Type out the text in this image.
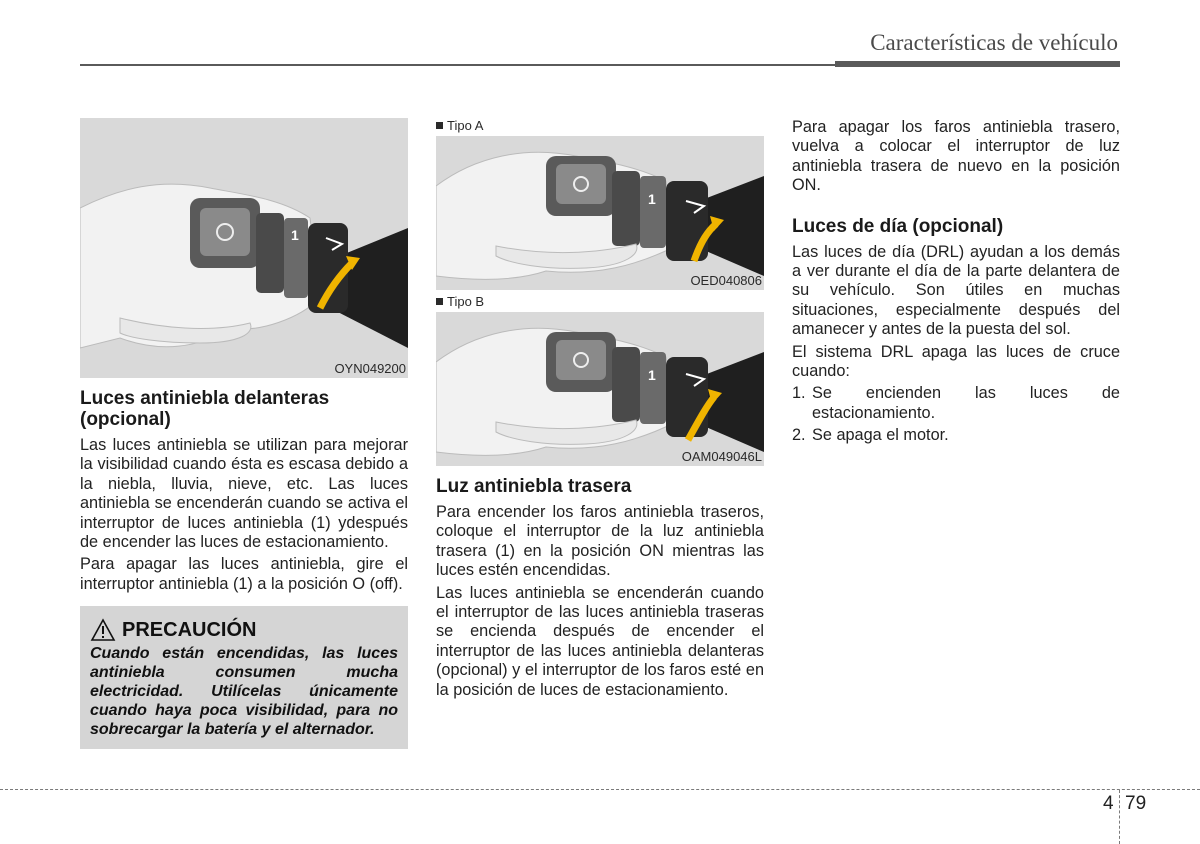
Características de vehículo
1
OYN049200
Luces antiniebla delanteras (opcional)

Las luces antiniebla se utilizan para mejorar la visibilidad cuando ésta es escasa debido a la niebla, lluvia, nieve, etc. Las luces antiniebla se encenderán cuando se activa el interruptor de luces antiniebla (1) ydespués de encender las luces de estacionamiento.

Para apagar las luces antiniebla, gire el interruptor antiniebla (1) a la posición O (off).

PRECAUCIÓN
Cuando están encendidas, las luces antiniebla consumen mucha electricidad. Utilícelas únicamente cuando haya poca visibilidad, para no sobrecargar la batería y el alternador.
Tipo A
1
OED040806
Tipo B
1
OAM049046L
Luz antiniebla trasera

Para encender los faros antiniebla traseros, coloque el interruptor de la luz antiniebla trasera (1) en la posición ON mientras las luces estén encendidas.

Las luces antiniebla se encenderán cuando el interruptor de las luces antiniebla traseras se encienda después de encender el interruptor de las luces antiniebla delanteras (opcional) y el interruptor de los faros esté en la posición de luces de estacionamiento.

Para apagar los faros antiniebla trasero, vuelva a colocar el interruptor de luz antiniebla trasera de nuevo en la posición ON.

Luces de día (opcional)

Las luces de día (DRL) ayudan a los demás a ver durante el día de la parte delantera de su vehículo. Son útiles en muchas situaciones, especialmente después del amanecer y antes de la puesta del sol.

El sistema DRL apaga las luces de cruce cuando:

1. Se encienden las luces de estacionamiento.
2. Se apaga el motor.
4 79
